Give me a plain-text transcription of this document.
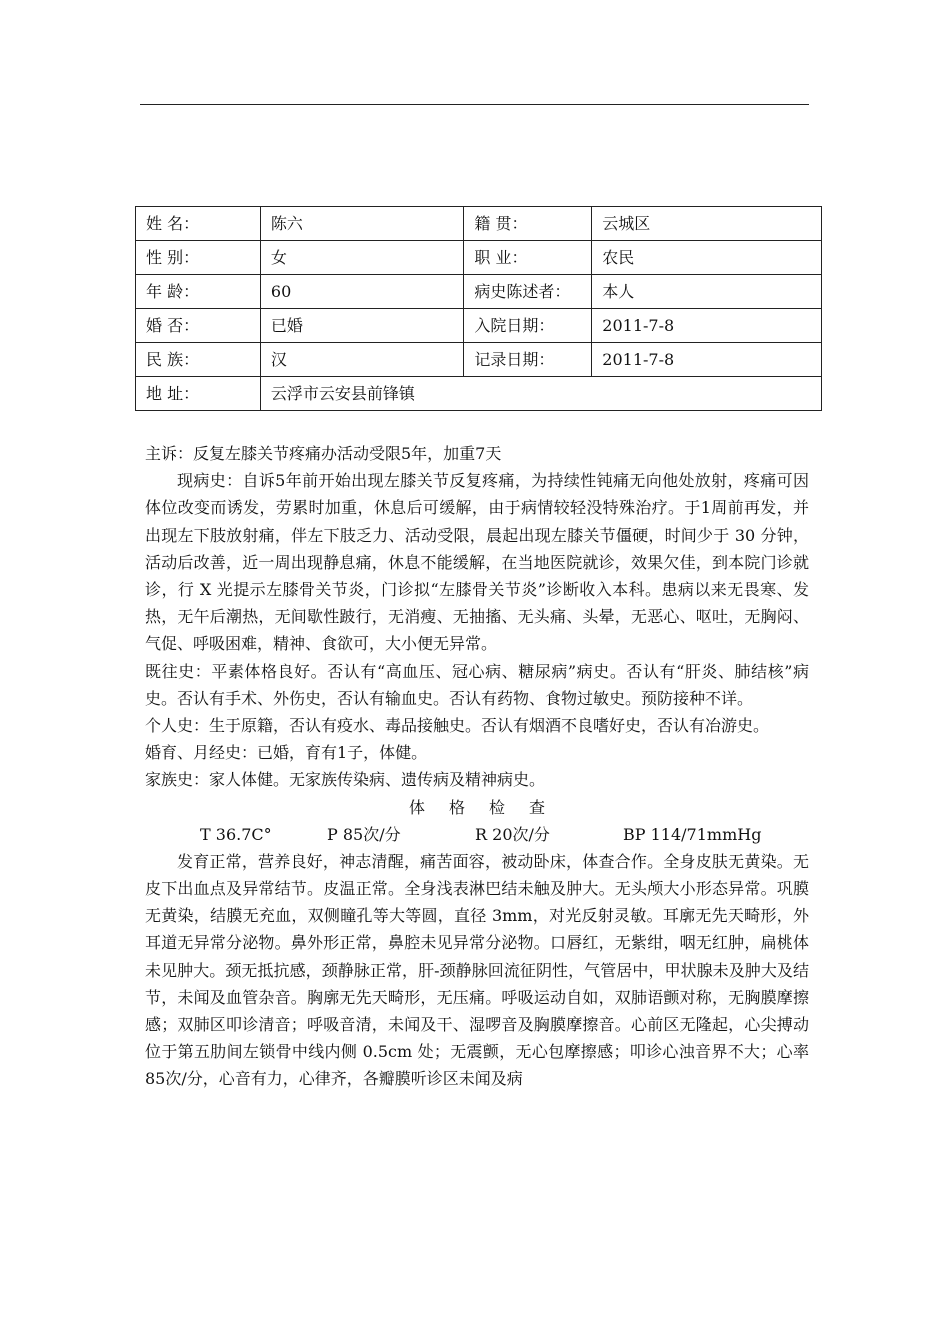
姓 名：	陈六	籍 贯：	云城区
性 别：	女	职 业：	农民
年 龄：	60	病史陈述者：	本人
婚 否：	已婚	入院日期：	2011-7-8
民 族：	汉	记录日期：	2011-7-8
地 址：	云浮市云安县前锋镇		

主诉：反复左膝关节疼痛办活动受限5年，加重7天

现病史：自诉5年前开始出现左膝关节反复疼痛，为持续性钝痛无向他处放射，疼痛可因体位改变而诱发，劳累时加重，休息后可缓解，由于病情较轻没特殊治疗。于1周前再发，并出现左下肢放射痛，伴左下肢乏力、活动受限，晨起出现左膝关节僵硬，时间少于 30 分钟，活动后改善，近一周出现静息痛，休息不能缓解，在当地医院就诊，效果欠佳，到本院门诊就诊，行 X 光提示左膝骨关节炎，门诊拟“左膝骨关节炎”诊断收入本科。患病以来无畏寒、发热，无午后潮热，无间歇性跛行，无消瘦、无抽搐、无头痛、头晕，无恶心、呕吐，无胸闷、气促、呼吸困难，精神、食欲可，大小便无异常。

既往史：平素体格良好。否认有“高血压、冠心病、糖尿病”病史。否认有“肝炎、肺结核”病史。否认有手术、外伤史，否认有输血史。否认有药物、食物过敏史。预防接种不详。

个人史：生于原籍，否认有疫水、毒品接触史。否认有烟酒不良嗜好史，否认有冶游史。

婚育、月经史：已婚，育有1子，体健。

家族史：家人体健。无家族传染病、遗传病及精神病史。

体格检查

T 36.7C°	P 85次/分	R 20次/分	BP 114/71mmHg

发育正常，营养良好，神志清醒，痛苦面容，被动卧床，体查合作。全身皮肤无黄染。无皮下出血点及异常结节。皮温正常。全身浅表淋巴结未触及肿大。无头颅大小形态异常。巩膜无黄染，结膜无充血，双侧瞳孔等大等圆，直径 3mm，对光反射灵敏。耳廓无先天畸形，外耳道无异常分泌物。鼻外形正常，鼻腔未见异常分泌物。口唇红，无紫绀，咽无红肿，扁桃体未见肿大。颈无抵抗感，颈静脉正常，肝-颈静脉回流征阴性，气管居中，甲状腺未及肿大及结节，未闻及血管杂音。胸廓无先天畸形，无压痛。呼吸运动自如，双肺语颤对称，无胸膜摩擦感；双肺区叩诊清音；呼吸音清，未闻及干、湿啰音及胸膜摩擦音。心前区无隆起，心尖搏动位于第五肋间左锁骨中线内侧 0.5cm 处；无震颤，无心包摩擦感；叩诊心浊音界不大；心率85次/分，心音有力，心律齐，各瓣膜听诊区未闻及病
